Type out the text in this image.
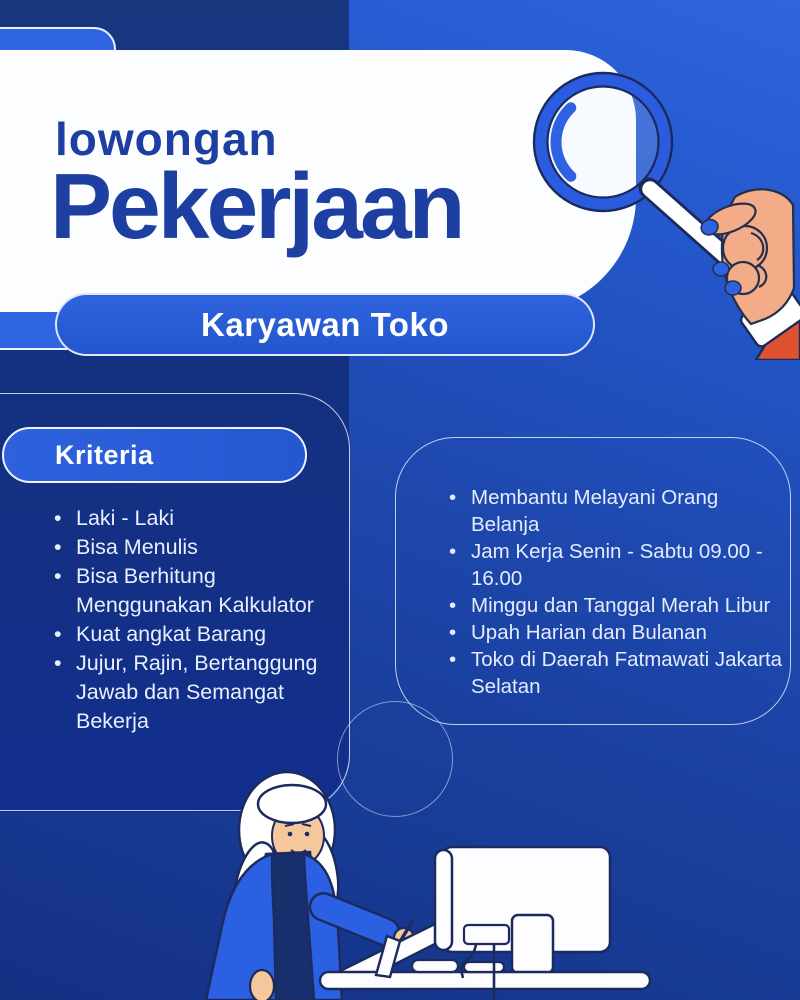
lowongan
Pekerjaan
Karyawan Toko
Kriteria
• Laki - Laki
• Bisa Menulis
• Bisa Berhitung
Menggunakan Kalkulator
• Kuat angkat Barang
• Jujur, Rajin, Bertanggung
Jawab dan Semangat
Bekerja
• Membantu Melayani Orang Belanja
• Jam Kerja Senin - Sabtu 09.00 -
16.00
• Minggu dan Tanggal Merah Libur
• Upah Harian dan Bulanan
• Toko di Daerah Fatmawati Jakarta
Selatan
